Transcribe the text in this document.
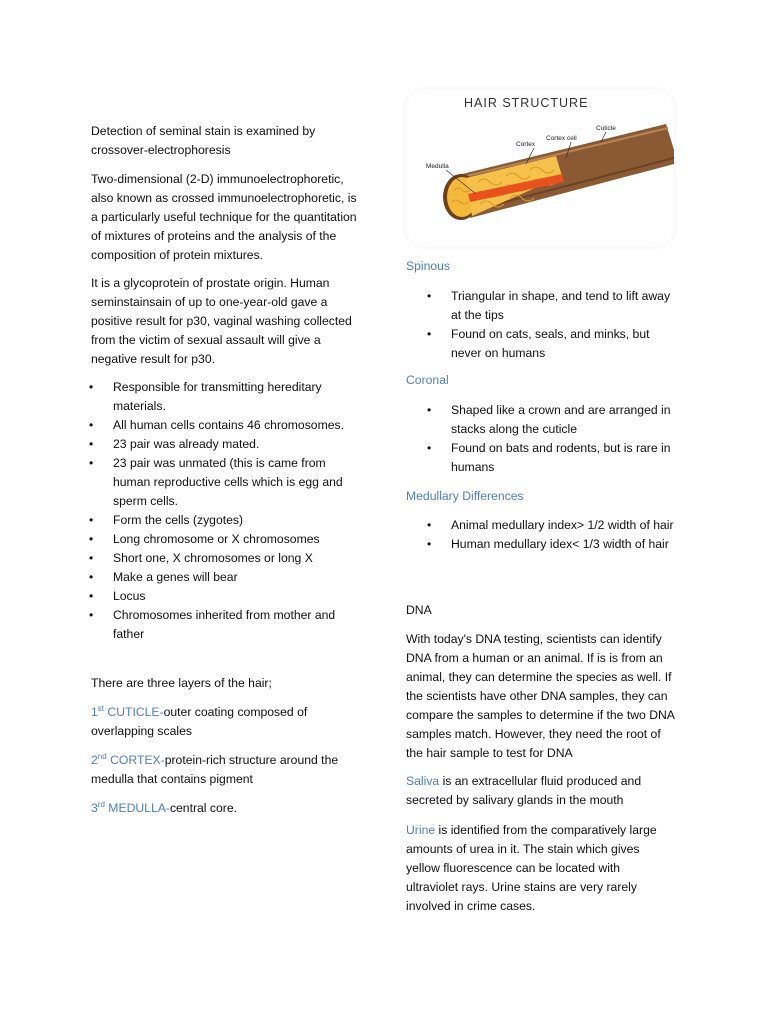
Detection of seminal stain is examined by crossover-electrophoresis

Two-dimensional (2-D) immunoelectrophoretic, also known as crossed immunoelectrophoretic, is a particularly useful technique for the quantitation of mixtures of proteins and the analysis of the composition of protein mixtures.

It is a glycoprotein of prostate origin. Human seminstainsain of up to one-year-old gave a positive result for p30, vaginal washing collected from the victim of sexual assault will give a negative result for p30.

• Responsible for transmitting hereditary materials.
• All human cells contains 46 chromosomes.
• 23 pair was already mated.
• 23 pair was unmated (this is came from human reproductive cells which is egg and sperm cells.
• Form the cells (zygotes)
• Long chromosome or X chromosomes
• Short one, X chromosomes or long X
• Make a genes will bear
• Locus
• Chromosomes inherited from mother and father

There are three layers of the hair;

1st CUTICLE-outer coating composed of overlapping scales

2nd CORTEX-protein-rich structure around the medulla that contains pigment

3rd MEDULLA-central core.

HAIR STRUCTURE
Cuticle
Cortex cell
Cortex
Medulla

Spinous

• Triangular in shape, and tend to lift away at the tips
• Found on cats, seals, and minks, but never on humans

Coronal

• Shaped like a crown and are arranged in stacks along the cuticle
• Found on bats and rodents, but is rare in humans

Medullary Differences

• Animal medullary index> 1/2 width of hair
• Human medullary idex< 1/3 width of hair

DNA

With today's DNA testing, scientists can identify DNA from a human or an animal. If is is from an animal, they can determine the species as well. If the scientists have other DNA samples, they can compare the samples to determine if the two DNA samples match. However, they need the root of the hair sample to test for DNA

Saliva is an extracellular fluid produced and secreted by salivary glands in the mouth

Urine is identified from the comparatively large amounts of urea in it. The stain which gives yellow fluorescence can be located with ultraviolet rays. Urine stains are very rarely involved in crime cases.
